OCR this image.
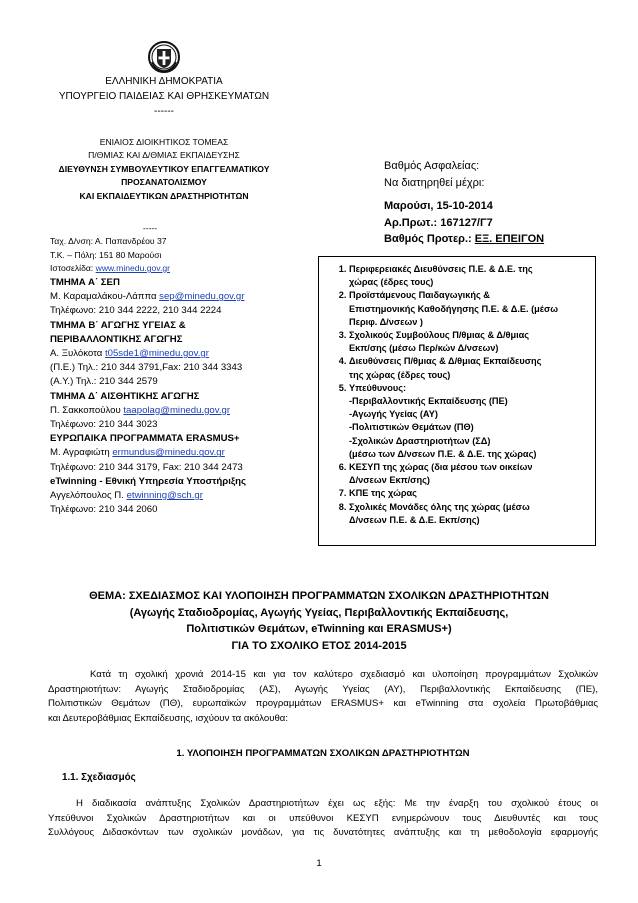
ΕΛΛΗΝΙΚΗ ΔΗΜΟΚΡΑΤΙΑ
ΥΠΟΥΡΓΕΙΟ ΠΑΙΔΕΙΑΣ ΚΑΙ ΘΡΗΣΚΕΥΜΑΤΩΝ
------
ΕΝΙΑΙΟΣ ΔΙΟΙΚΗΤΙΚΟΣ ΤΟΜΕΑΣ
Π/ΘΜΙΑΣ ΚΑΙ Δ/ΘΜΙΑΣ ΕΚΠΑΙΔΕΥΣΗΣ
ΔΙΕΥΘΥΝΣΗ ΣΥΜΒΟΥΛΕΥΤΙΚΟΥ ΕΠΑΓΓΕΛΜΑΤΙΚΟΥ
ΠΡΟΣΑΝΑΤΟΛΙΣΜΟΥ
ΚΑΙ ΕΚΠΑΙΔΕΥΤΙΚΩΝ ΔΡΑΣΤΗΡΙΟΤΗΤΩΝ
-----
Ταχ. Δ/νση: Α. Παπανδρέου 37
Τ.Κ. – Πόλη: 151 80 Μαρούσι
Ιστοσελίδα: www.minedu.gov.gr
ΤΜΗΜΑ Α΄ ΣΕΠ
Μ. Καραμαλάκου-Λάππα sep@minedu.gov.gr
Τηλέφωνο: 210 344 2222, 210 344 2224
ΤΜΗΜΑ Β΄ ΑΓΩΓΗΣ ΥΓΕΙΑΣ &
ΠΕΡΙΒΑΛΛΟΝΤΙΚΗΣ ΑΓΩΓΗΣ
Α. Ξυλόκοτα t05sde1@minedu.gov.gr
(Π.Ε.) Τηλ.: 210 344 3791,Fax: 210 344 3343
(Α.Υ.) Τηλ.: 210 344 2579
ΤΜΗΜΑ Δ΄ ΑΙΣΘΗΤΙΚΗΣ ΑΓΩΓΗΣ
Π. Σακκοπούλου taapolag@minedu.gov.gr
Τηλέφωνο: 210 344 3023
ΕΥΡΩΠΑΙΚΑ ΠΡΟΓΡΑΜΜΑΤΑ ERASMUS+
Μ. Αγραφιώτη ermundus@minedu.gov.gr
Τηλέφωνο: 210 344 3179, Fax: 210 344 2473
eTwinning - Εθνική Υπηρεσία Υποστήριξης
Αγγελόπουλος Π. etwinning@sch.gr
Τηλέφωνο: 210 344 2060
Βαθμός Ασφαλείας:
Να διατηρηθεί μέχρι:
Μαρούσι, 15-10-2014
Αρ.Πρωτ.: 167127/Γ7
Βαθμός Προτερ.: ΕΞ. ΕΠΕΙΓΟΝ
1. Περιφερειακές Διευθύνσεις Π.Ε. & Δ.Ε. της
χώρας (έδρες τους)
2. Προϊστάμενους Παιδαγωγικής &
Επιστημονικής Καθοδήγησης Π.Ε. & Δ.Ε. (μέσω
Περιφ. Δ/νσεων )
3. Σχολικούς Συμβούλους Π/θμιας & Δ/θμιας
Εκπ/σης (μέσω Περ/κών Δ/νσεων)
4. Διευθύνσεις Π/θμιας & Δ/θμιας Εκπαίδευσης
της χώρας (έδρες τους)
5. Υπεύθυνους:
-Περιβαλλοντικής Εκπαίδευσης (ΠΕ)
-Αγωγής Υγείας (ΑΥ)
-Πολιτιστικών Θεμάτων (ΠΘ)
-Σχολικών Δραστηριοτήτων (ΣΔ)
(μέσω των Δ/νσεων Π.Ε. & Δ.Ε. της χώρας)
6. ΚΕΣΥΠ της χώρας (δια μέσου των οικείων
Δ/νσεων Εκπ/σης)
7. ΚΠΕ της χώρας
8. Σχολικές Μονάδες όλης της χώρας (μέσω
Δ/νσεων Π.Ε. & Δ.Ε. Εκπ/σης)
ΘΕΜΑ: ΣΧΕΔΙΑΣΜΟΣ ΚΑΙ ΥΛΟΠΟΙΗΣΗ ΠΡΟΓΡΑΜΜΑΤΩΝ ΣΧΟΛΙΚΩΝ ΔΡΑΣΤΗΡΙΟΤΗΤΩΝ
(Αγωγής Σταδιοδρομίας, Αγωγής Υγείας, Περιβαλλοντικής Εκπαίδευσης,
Πολιτιστικών Θεμάτων, eTwinning και ERASMUS+)
ΓΙΑ ΤΟ ΣΧΟΛΙΚΟ ΕΤΟΣ 2014-2015
Κατά τη σχολική χρονιά 2014-15 και για τον καλύτερο σχεδιασμό και υλοποίηση προγραμμάτων Σχολικών
Δραστηριοτήτων: Αγωγής Σταδιοδρομίας (ΑΣ), Αγωγής Υγείας (ΑΥ), Περιβαλλοντικής Εκπαίδευσης (ΠΕ),
Πολιτιστικών Θεμάτων (ΠΘ), ευρωπαϊκών προγραμμάτων ERASMUS+ και eTwinning στα σχολεία Πρωτοβάθμιας
και Δευτεροβάθμιας Εκπαίδευσης, ισχύουν τα ακόλουθα:
1. ΥΛΟΠΟΙΗΣΗ ΠΡΟΓΡΑΜΜΑΤΩΝ ΣΧΟΛΙΚΩΝ ΔΡΑΣΤΗΡΙΟΤΗΤΩΝ
1.1. Σχεδιασμός
Η διαδικασία ανάπτυξης Σχολικών Δραστηριοτήτων έχει ως εξής: Με την έναρξη του σχολικού έτους οι
Υπεύθυνοι Σχολικών Δραστηριοτήτων και οι υπεύθυνοι ΚΕΣΥΠ ενημερώνουν τους Διευθυντές και τους
Συλλόγους Διδασκόντων των σχολικών μονάδων, για τις δυνατότητες ανάπτυξης και τη μεθοδολογία εφαρμογής
1
